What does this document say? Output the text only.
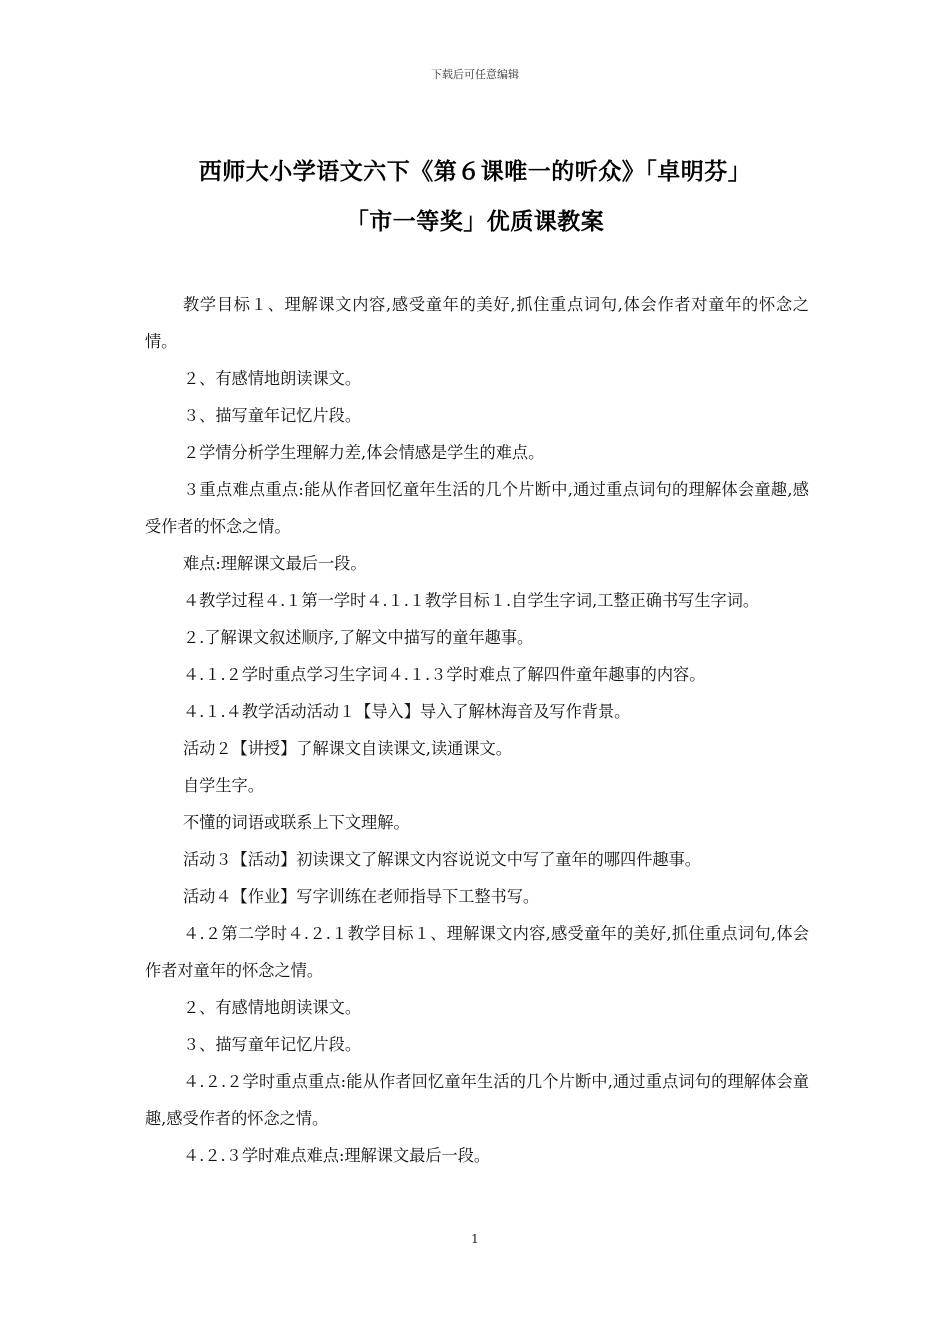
下载后可任意编辑
西师大小学语文六下《第６课唯一的听众》「卓明芬」
「市一等奖」优质课教案

教学目标１、理解课文内容,感受童年的美好,抓住重点词句,体会作者对童年的怀念之情。

２、有感情地朗读课文。

３、描写童年记忆片段。

２学情分析学生理解力差,体会情感是学生的难点。

３重点难点重点:能从作者回忆童年生活的几个片断中,通过重点词句的理解体会童趣,感受作者的怀念之情。

难点:理解课文最后一段。

４教学过程４.１第一学时４.１.１教学目标１.自学生字词,工整正确书写生字词。

２.了解课文叙述顺序,了解文中描写的童年趣事。

４.１.２学时重点学习生字词４.１.３学时难点了解四件童年趣事的内容。

４.１.４教学活动活动１【导入】导入了解林海音及写作背景。

活动２【讲授】了解课文自读课文,读通课文。

自学生字。

不懂的词语或联系上下文理解。

活动３【活动】初读课文了解课文内容说说文中写了童年的哪四件趣事。

活动４【作业】写字训练在老师指导下工整书写。

４.２第二学时４.２.１教学目标１、理解课文内容,感受童年的美好,抓住重点词句,体会作者对童年的怀念之情。

２、有感情地朗读课文。

３、描写童年记忆片段。

４.２.２学时重点重点:能从作者回忆童年生活的几个片断中,通过重点词句的理解体会童趣,感受作者的怀念之情。

４.２.３学时难点难点:理解课文最后一段。

1
